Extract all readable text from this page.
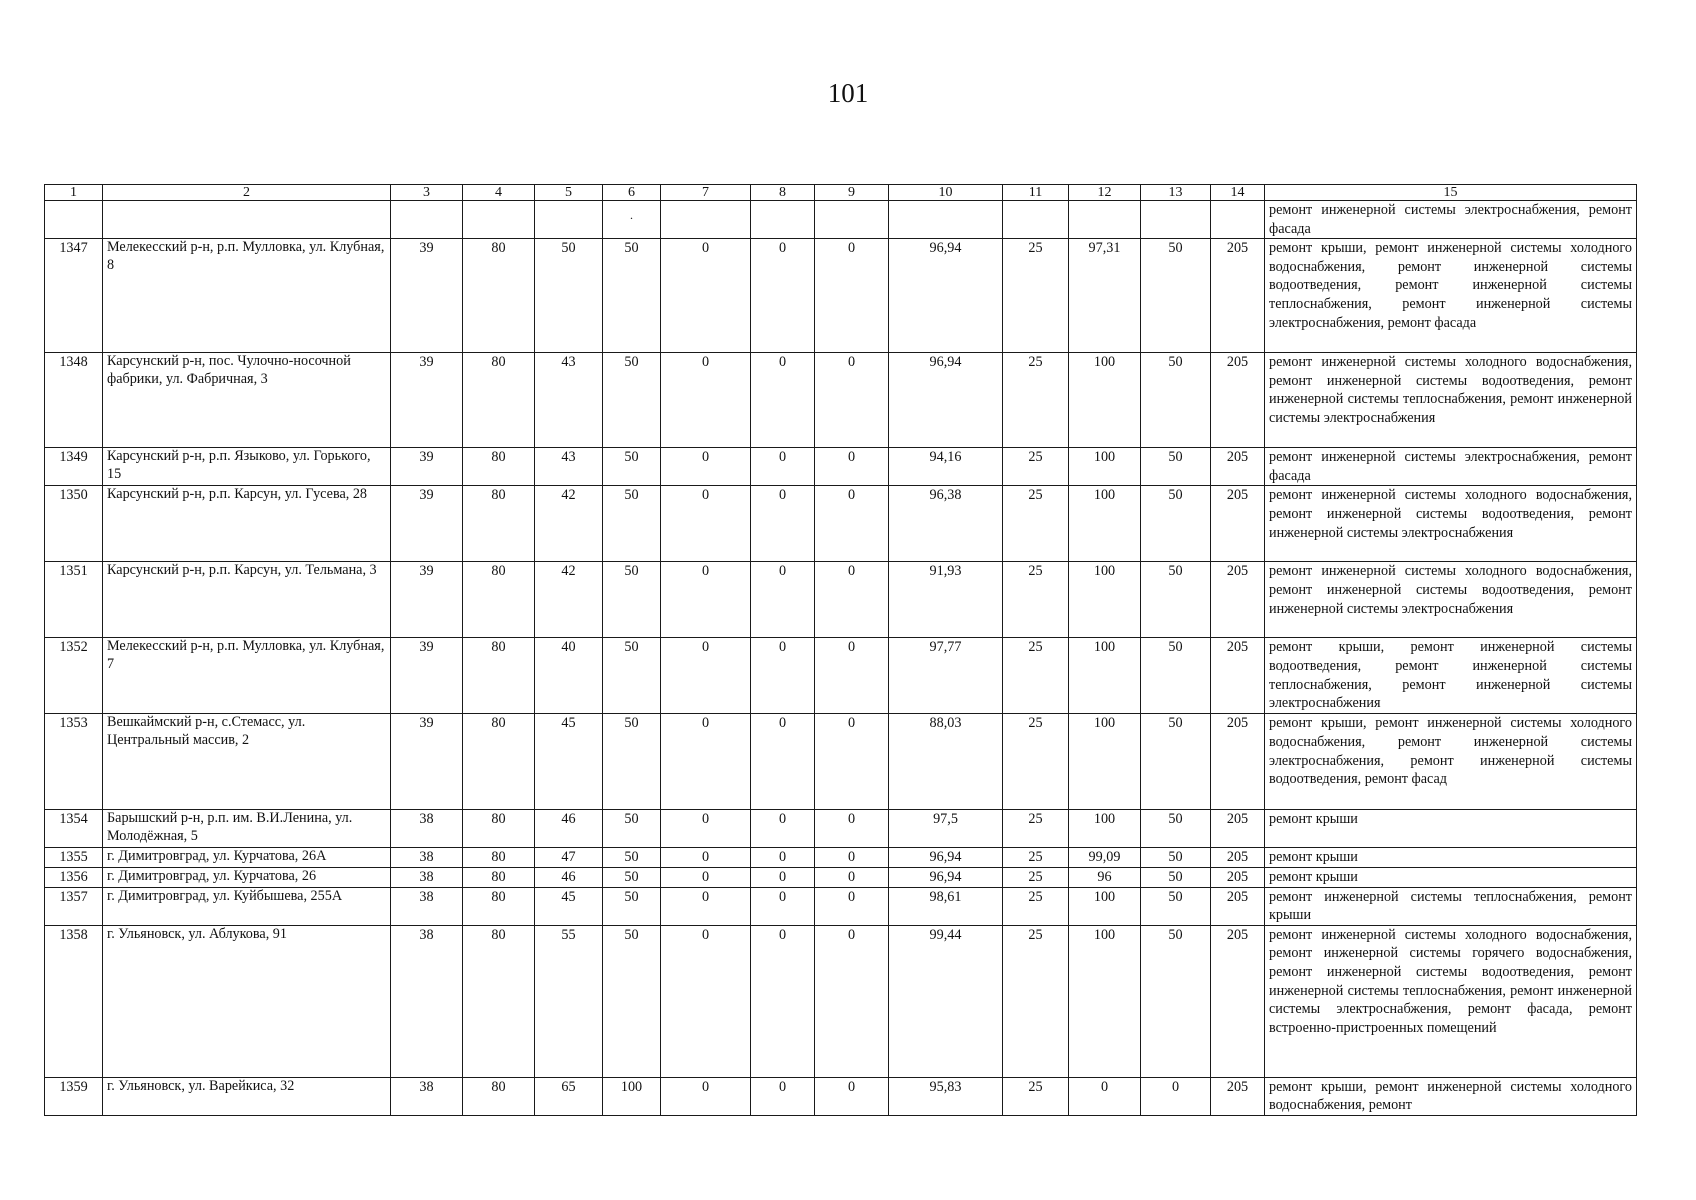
101
1	2	3	4	5	6	7	8	9	10	11	12	13	14	15

					.									ремонт инженерной системы электроснабжения, ремонт фасада
1347	Мелекесский р-н, р.п. Мулловка, ул. Клубная, 8	39	80	50	50	0	0	0	96,94	25	97,31	50	205	ремонт крыши, ремонт инженерной системы холодного водоснабжения, ремонт инженерной системы водоотведения, ремонт инженерной системы теплоснабжения, ремонт инженерной системы электроснабжения, ремонт фасада
1348	Карсунский р-н, пос. Чулочно-носочной фабрики, ул. Фабричная, 3	39	80	43	50	0	0	0	96,94	25	100	50	205	ремонт инженерной системы холодного водоснабжения, ремонт инженерной системы водоотведения, ремонт инженерной системы теплоснабжения, ремонт инженерной системы электроснабжения
1349	Карсунский р-н, р.п. Языково, ул. Горького, 15	39	80	43	50	0	0	0	94,16	25	100	50	205	ремонт инженерной системы электроснабжения, ремонт фасада
1350	Карсунский р-н, р.п. Карсун, ул. Гусева, 28	39	80	42	50	0	0	0	96,38	25	100	50	205	ремонт инженерной системы холодного водоснабжения, ремонт инженерной системы водоотведения, ремонт инженерной системы электроснабжения
1351	Карсунский р-н, р.п. Карсун, ул. Тельмана, 3	39	80	42	50	0	0	0	91,93	25	100	50	205	ремонт инженерной системы холодного водоснабжения, ремонт инженерной системы водоотведения, ремонт инженерной системы электроснабжения
1352	Мелекесский р-н, р.п. Мулловка, ул. Клубная, 7	39	80	40	50	0	0	0	97,77	25	100	50	205	ремонт крыши, ремонт инженерной системы водоотведения, ремонт инженерной системы теплоснабжения, ремонт инженерной системы электроснабжения
1353	Вешкаймский р-н, с.Стемасс, ул. Центральный массив, 2	39	80	45	50	0	0	0	88,03	25	100	50	205	ремонт крыши, ремонт инженерной системы холодного водоснабжения, ремонт инженерной системы электроснабжения, ремонт инженерной системы водоотведения, ремонт фасад
1354	Барышский р-н, р.п. им. В.И.Ленина, ул. Молодёжная, 5	38	80	46	50	0	0	0	97,5	25	100	50	205	ремонт крыши
1355	г. Димитровград, ул. Курчатова, 26А	38	80	47	50	0	0	0	96,94	25	99,09	50	205	ремонт крыши
1356	г. Димитровград, ул. Курчатова, 26	38	80	46	50	0	0	0	96,94	25	96	50	205	ремонт крыши
1357	г. Димитровград, ул. Куйбышева, 255А	38	80	45	50	0	0	0	98,61	25	100	50	205	ремонт инженерной системы теплоснабжения, ремонт крыши
1358	г. Ульяновск, ул. Аблукова, 91	38	80	55	50	0	0	0	99,44	25	100	50	205	ремонт инженерной системы холодного водоснабжения, ремонт инженерной системы горячего водоснабжения, ремонт инженерной системы водоотведения, ремонт инженерной системы теплоснабжения, ремонт инженерной системы электроснабжения, ремонт фасада, ремонт встроенно-пристроенных помещений
1359	г. Ульяновск, ул. Варейкиса, 32	38	80	65	100	0	0	0	95,83	25	0	0	205	ремонт крыши, ремонт инженерной системы холодного водоснабжения, ремонт
